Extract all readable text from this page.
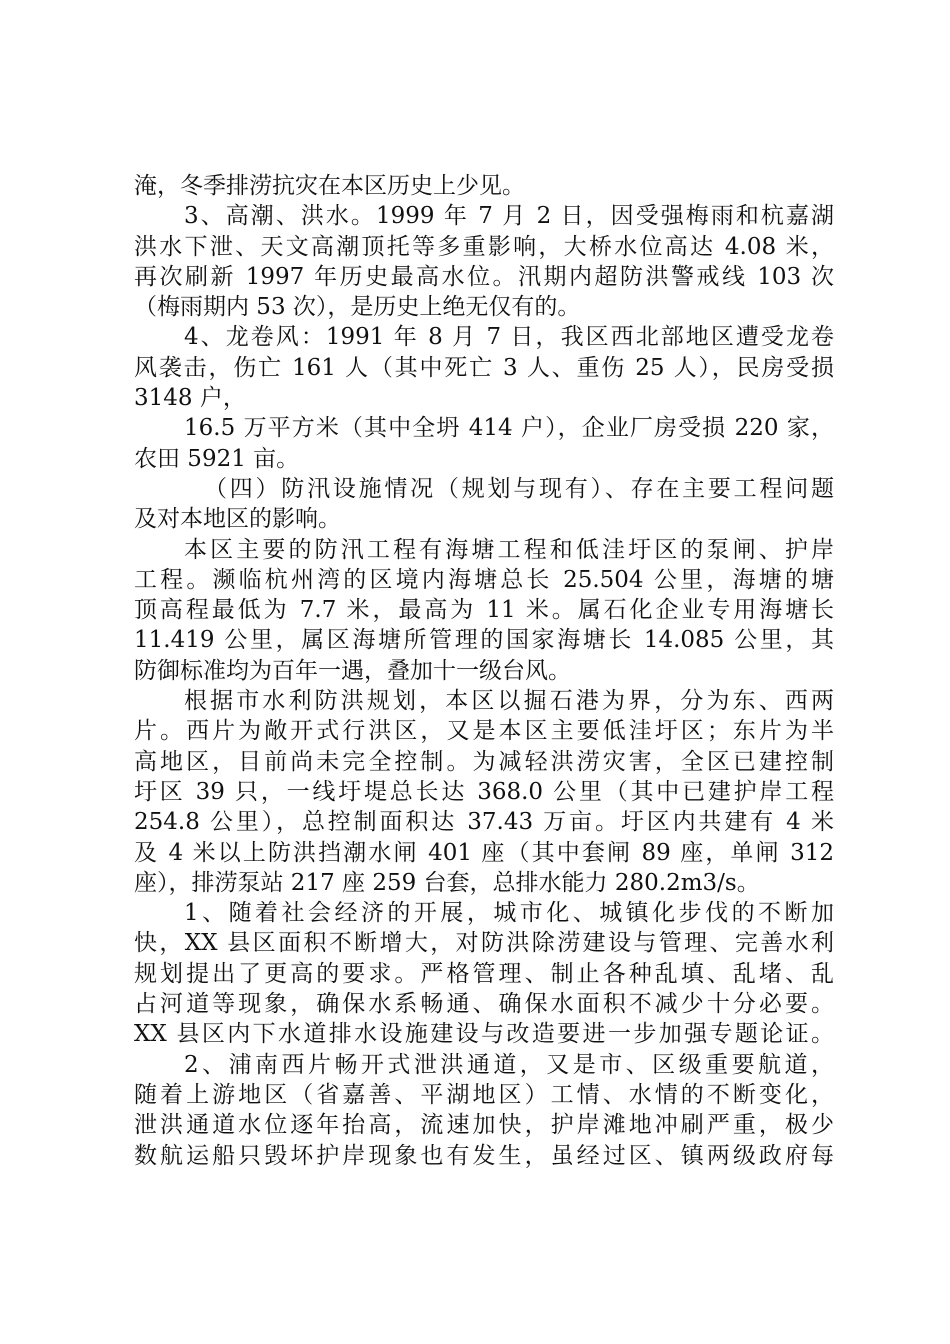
淹，冬季排涝抗灾在本区历史上少见。
3、高潮、洪水。1999 年 7 月 2 日，因受强梅雨和杭嘉湖
洪水下泄、天文高潮顶托等多重影响，大桥水位高达 4.08 米，
再次刷新 1997 年历史最高水位。汛期内超防洪警戒线 103 次
（梅雨期内 53 次），是历史上绝无仅有的。
4、龙卷风：1991 年 8 月 7 日，我区西北部地区遭受龙卷
风袭击，伤亡 161 人（其中死亡 3 人、重伤 25 人），民房受损
3148 户，
16.5 万平方米（其中全坍 414 户），企业厂房受损 220 家，
农田 5921 亩。
（四）防汛设施情况（规划与现有）、存在主要工程问题
及对本地区的影响。
本区主要的防汛工程有海塘工程和低洼圩区的泵闸、护岸
工程。濒临杭州湾的区境内海塘总长 25.504 公里，海塘的塘
顶高程最低为 7.7 米，最高为 11 米。属石化企业专用海塘长
11.419 公里，属区海塘所管理的国家海塘长 14.085 公里，其
防御标准均为百年一遇，叠加十一级台风。
根据市水利防洪规划，本区以掘石港为界，分为东、西两
片。西片为敞开式行洪区，又是本区主要低洼圩区；东片为半
高地区，目前尚未完全控制。为减轻洪涝灾害，全区已建控制
圩区 39 只，一线圩堤总长达 368.0 公里（其中已建护岸工程
254.8 公里），总控制面积达 37.43 万亩。圩区内共建有 4 米
及 4 米以上防洪挡潮水闸 401 座（其中套闸 89 座，单闸 312
座），排涝泵站 217 座 259 台套，总排水能力 280.2m3/s。
1、随着社会经济的开展，城市化、城镇化步伐的不断加
快，XX 县区面积不断增大，对防洪除涝建设与管理、完善水利
规划提出了更高的要求。严格管理、制止各种乱填、乱堵、乱
占河道等现象，确保水系畅通、确保水面积不减少十分必要。
XX 县区内下水道排水设施建设与改造要进一步加强专题论证。
2、浦南西片畅开式泄洪通道，又是市、区级重要航道，
随着上游地区（省嘉善、平湖地区）工情、水情的不断变化，
泄洪通道水位逐年抬高，流速加快，护岸滩地冲刷严重，极少
数航运船只毁坏护岸现象也有发生，虽经过区、镇两级政府每
